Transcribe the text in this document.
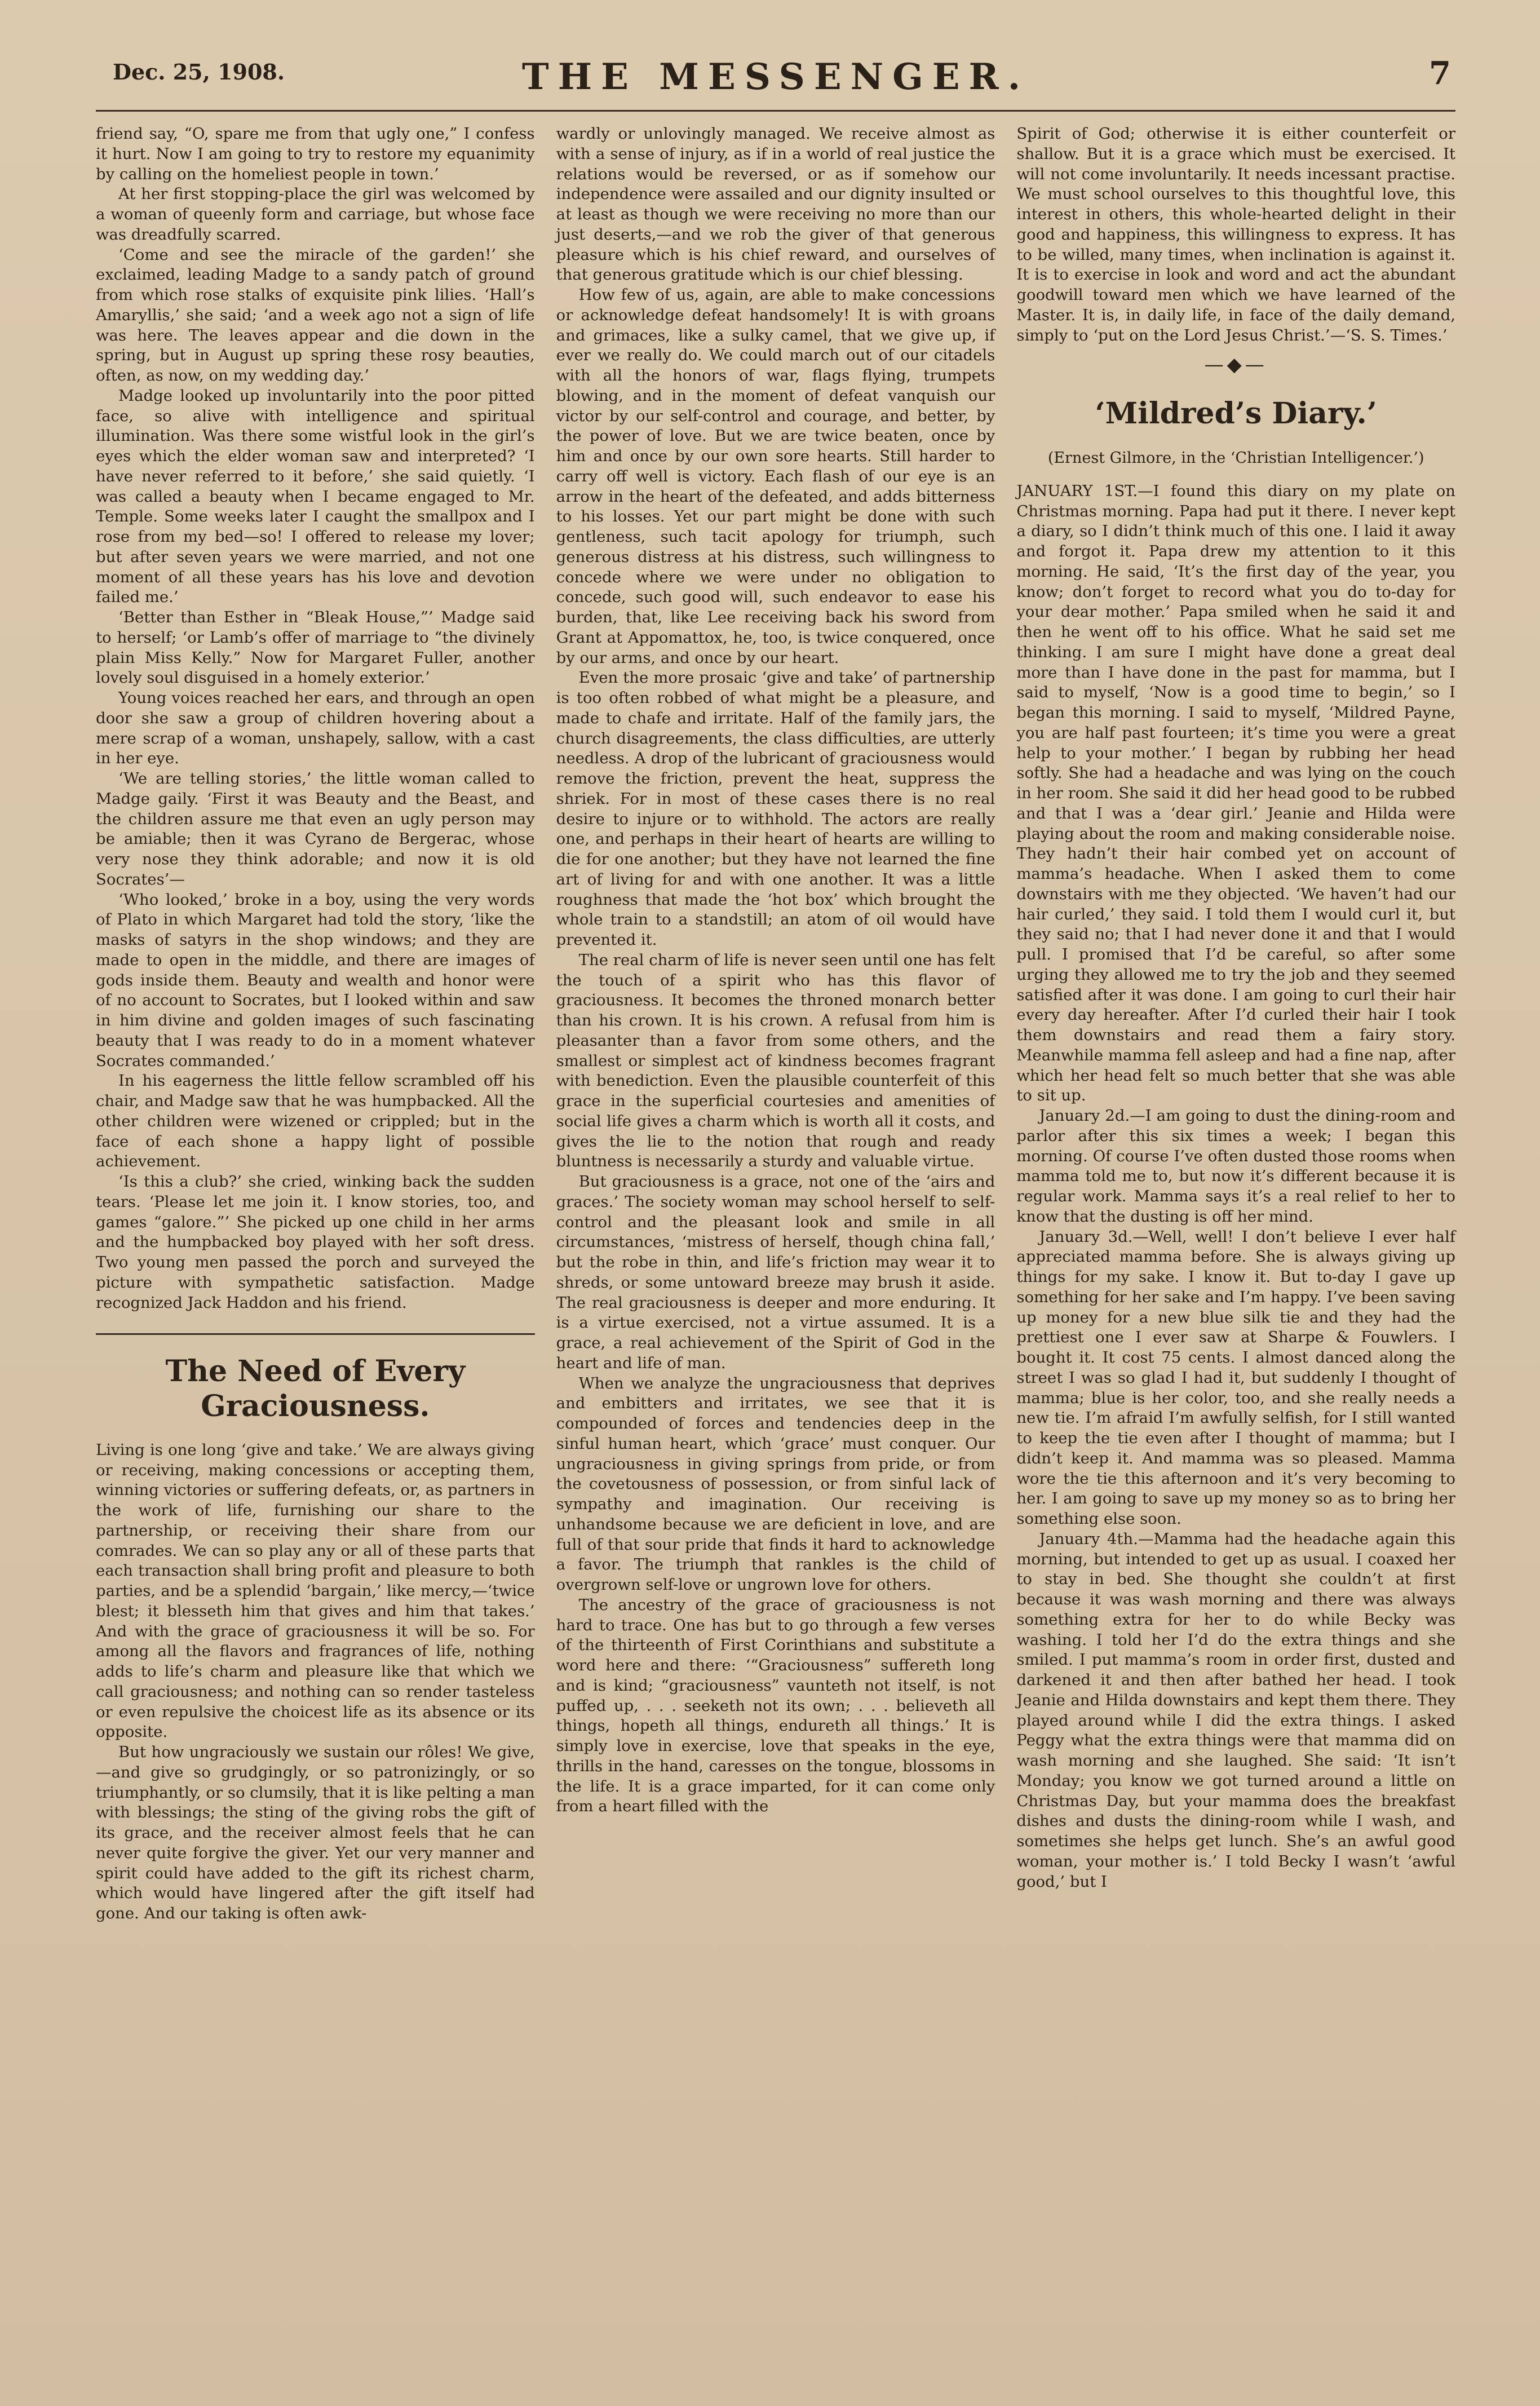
Dec. 25, 1908.	THE MESSENGER.	7

friend say, “O, spare me from that ugly one,” I confess it hurt. Now I am going to try to restore my equanimity by calling on the homeliest people in town.’

At her first stopping-place the girl was welcomed by a woman of queenly form and carriage, but whose face was dreadfully scarred.

‘Come and see the miracle of the garden!’ she exclaimed, leading Madge to a sandy patch of ground from which rose stalks of exquisite pink lilies. ‘Hall’s Amaryllis,’ she said; ‘and a week ago not a sign of life was here. The leaves appear and die down in the spring, but in August up spring these rosy beauties, often, as now, on my wedding day.’

Madge looked up involuntarily into the poor pitted face, so alive with intelligence and spiritual illumination. Was there some wistful look in the girl’s eyes which the elder woman saw and interpreted? ‘I have never referred to it before,’ she said quietly. ‘I was called a beauty when I became engaged to Mr. Temple. Some weeks later I caught the smallpox and I rose from my bed—so! I offered to release my lover; but after seven years we were married, and not one moment of all these years has his love and devotion failed me.’

‘Better than Esther in “Bleak House,”’ Madge said to herself; ‘or Lamb’s offer of marriage to “the divinely plain Miss Kelly.” Now for Margaret Fuller, another lovely soul disguised in a homely exterior.’

Young voices reached her ears, and through an open door she saw a group of children hovering about a mere scrap of a woman, unshapely, sallow, with a cast in her eye.

‘We are telling stories,’ the little woman called to Madge gaily. ‘First it was Beauty and the Beast, and the children assure me that even an ugly person may be amiable; then it was Cyrano de Bergerac, whose very nose they think adorable; and now it is old Socrates’—

‘Who looked,’ broke in a boy, using the very words of Plato in which Margaret had told the story, ‘like the masks of satyrs in the shop windows; and they are made to open in the middle, and there are images of gods inside them. Beauty and wealth and honor were of no account to Socrates, but I looked within and saw in him divine and golden images of such fascinating beauty that I was ready to do in a moment whatever Socrates commanded.’

In his eagerness the little fellow scrambled off his chair, and Madge saw that he was humpbacked. All the other children were wizened or crippled; but in the face of each shone a happy light of possible achievement.

‘Is this a club?’ she cried, winking back the sudden tears. ‘Please let me join it. I know stories, too, and games “galore.”’ She picked up one child in her arms and the humpbacked boy played with her soft dress. Two young men passed the porch and surveyed the picture with sympathetic satisfaction. Madge recognized Jack Haddon and his friend.

The Need of Every Graciousness.

Living is one long ‘give and take.’ We are always giving or receiving, making concessions or accepting them, winning victories or suffering defeats, or, as partners in the work of life, furnishing our share to the partnership, or receiving their share from our comrades. We can so play any or all of these parts that each transaction shall bring profit and pleasure to both parties, and be a splendid ‘bargain,’ like mercy,—‘twice blest; it blesseth him that gives and him that takes.’ And with the grace of graciousness it will be so. For among all the flavors and fragrances of life, nothing adds to life’s charm and pleasure like that which we call graciousness; and nothing can so render tasteless or even repulsive the choicest life as its absence or its opposite.

But how ungraciously we sustain our rôles! We give,—and give so grudgingly, or so patronizingly, or so triumphantly, or so clumsily, that it is like pelting a man with blessings; the sting of the giving robs the gift of its grace, and the receiver almost feels that he can never quite forgive the giver. Yet our very manner and spirit could have added to the gift its richest charm, which would have lingered after the gift itself had gone. And our taking is often awk-

wardly or unlovingly managed. We receive almost as with a sense of injury, as if in a world of real justice the relations would be reversed, or as if somehow our independence were assailed and our dignity insulted or at least as though we were receiving no more than our just deserts,—and we rob the giver of that generous pleasure which is his chief reward, and ourselves of that generous gratitude which is our chief blessing.

How few of us, again, are able to make concessions or acknowledge defeat handsomely! It is with groans and grimaces, like a sulky camel, that we give up, if ever we really do. We could march out of our citadels with all the honors of war, flags flying, trumpets blowing, and in the moment of defeat vanquish our victor by our self-control and courage, and better, by the power of love. But we are twice beaten, once by him and once by our own sore hearts. Still harder to carry off well is victory. Each flash of our eye is an arrow in the heart of the defeated, and adds bitterness to his losses. Yet our part might be done with such gentleness, such tacit apology for triumph, such generous distress at his distress, such willingness to concede where we were under no obligation to concede, such good will, such endeavor to ease his burden, that, like Lee receiving back his sword from Grant at Appomattox, he, too, is twice conquered, once by our arms, and once by our heart.

Even the more prosaic ‘give and take’ of partnership is too often robbed of what might be a pleasure, and made to chafe and irritate. Half of the family jars, the church disagreements, the class difficulties, are utterly needless. A drop of the lubricant of graciousness would remove the friction, prevent the heat, suppress the shriek. For in most of these cases there is no real desire to injure or to withhold. The actors are really one, and perhaps in their heart of hearts are willing to die for one another; but they have not learned the fine art of living for and with one another. It was a little roughness that made the ‘hot box’ which brought the whole train to a standstill; an atom of oil would have prevented it.

The real charm of life is never seen until one has felt the touch of a spirit who has this flavor of graciousness. It becomes the throned monarch better than his crown. It is his crown. A refusal from him is pleasanter than a favor from some others, and the smallest or simplest act of kindness becomes fragrant with benediction. Even the plausible counterfeit of this grace in the superficial courtesies and amenities of social life gives a charm which is worth all it costs, and gives the lie to the notion that rough and ready bluntness is necessarily a sturdy and valuable virtue.

But graciousness is a grace, not one of the ‘airs and graces.’ The society woman may school herself to self-control and the pleasant look and smile in all circumstances, ‘mistress of herself, though china fall,’ but the robe in thin, and life’s friction may wear it to shreds, or some untoward breeze may brush it aside. The real graciousness is deeper and more enduring. It is a virtue exercised, not a virtue assumed. It is a grace, a real achievement of the Spirit of God in the heart and life of man.

When we analyze the ungraciousness that deprives and embitters and irritates, we see that it is compounded of forces and tendencies deep in the sinful human heart, which ‘grace’ must conquer. Our ungraciousness in giving springs from pride, or from the covetousness of possession, or from sinful lack of sympathy and imagination. Our receiving is unhandsome because we are deficient in love, and are full of that sour pride that finds it hard to acknowledge a favor. The triumph that rankles is the child of overgrown self-love or ungrown love for others.

The ancestry of the grace of graciousness is not hard to trace. One has but to go through a few verses of the thirteenth of First Corinthians and substitute a word here and there: ‘“Graciousness” suffereth long and is kind; “graciousness” vaunteth not itself, is not puffed up, . . . seeketh not its own; . . . believeth all things, hopeth all things, endureth all things.’ It is simply love in exercise, love that speaks in the eye, thrills in the hand, caresses on the tongue, blossoms in the life. It is a grace imparted, for it can come only from a heart filled with the

Spirit of God; otherwise it is either counterfeit or shallow. But it is a grace which must be exercised. It will not come involuntarily. It needs incessant practise. We must school ourselves to this thoughtful love, this interest in others, this whole-hearted delight in their good and happiness, this willingness to express. It has to be willed, many times, when inclination is against it. It is to exercise in look and word and act the abundant goodwill toward men which we have learned of the Master. It is, in daily life, in face of the daily demand, simply to ‘put on the Lord Jesus Christ.’—‘S. S. Times.’

—◆—
‘Mildred’s Diary.’
(Ernest Gilmore, in the ‘Christian Intelligencer.’)

JANUARY 1ST.—I found this diary on my plate on Christmas morning. Papa had put it there. I never kept a diary, so I didn’t think much of this one. I laid it away and forgot it. Papa drew my attention to it this morning. He said, ‘It’s the first day of the year, you know; don’t forget to record what you do to-day for your dear mother.’ Papa smiled when he said it and then he went off to his office. What he said set me thinking. I am sure I might have done a great deal more than I have done in the past for mamma, but I said to myself, ‘Now is a good time to begin,’ so I began this morning. I said to myself, ‘Mildred Payne, you are half past fourteen; it’s time you were a great help to your mother.’ I began by rubbing her head softly. She had a headache and was lying on the couch in her room. She said it did her head good to be rubbed and that I was a ‘dear girl.’ Jeanie and Hilda were playing about the room and making considerable noise. They hadn’t their hair combed yet on account of mamma’s headache. When I asked them to come downstairs with me they objected. ‘We haven’t had our hair curled,’ they said. I told them I would curl it, but they said no; that I had never done it and that I would pull. I promised that I’d be careful, so after some urging they allowed me to try the job and they seemed satisfied after it was done. I am going to curl their hair every day hereafter. After I’d curled their hair I took them downstairs and read them a fairy story. Meanwhile mamma fell asleep and had a fine nap, after which her head felt so much better that she was able to sit up.

January 2d.—I am going to dust the dining-room and parlor after this six times a week; I began this morning. Of course I’ve often dusted those rooms when mamma told me to, but now it’s different because it is regular work. Mamma says it’s a real relief to her to know that the dusting is off her mind.

January 3d.—Well, well! I don’t believe I ever half appreciated mamma before. She is always giving up things for my sake. I know it. But to-day I gave up something for her sake and I’m happy. I’ve been saving up money for a new blue silk tie and they had the prettiest one I ever saw at Sharpe & Fouwlers. I bought it. It cost 75 cents. I almost danced along the street I was so glad I had it, but suddenly I thought of mamma; blue is her color, too, and she really needs a new tie. I’m afraid I’m awfully selfish, for I still wanted to keep the tie even after I thought of mamma; but I didn’t keep it. And mamma was so pleased. Mamma wore the tie this afternoon and it’s very becoming to her. I am going to save up my money so as to bring her something else soon.

January 4th.—Mamma had the headache again this morning, but intended to get up as usual. I coaxed her to stay in bed. She thought she couldn’t at first because it was wash morning and there was always something extra for her to do while Becky was washing. I told her I’d do the extra things and she smiled. I put mamma’s room in order first, dusted and darkened it and then after bathed her head. I took Jeanie and Hilda downstairs and kept them there. They played around while I did the extra things. I asked Peggy what the extra things were that mamma did on wash morning and she laughed. She said: ‘It isn’t Monday; you know we got turned around a little on Christmas Day, but your mamma does the breakfast dishes and dusts the dining-room while I wash, and sometimes she helps get lunch. She’s an awful good woman, your mother is.’ I told Becky I wasn’t ‘awful good,’ but I
